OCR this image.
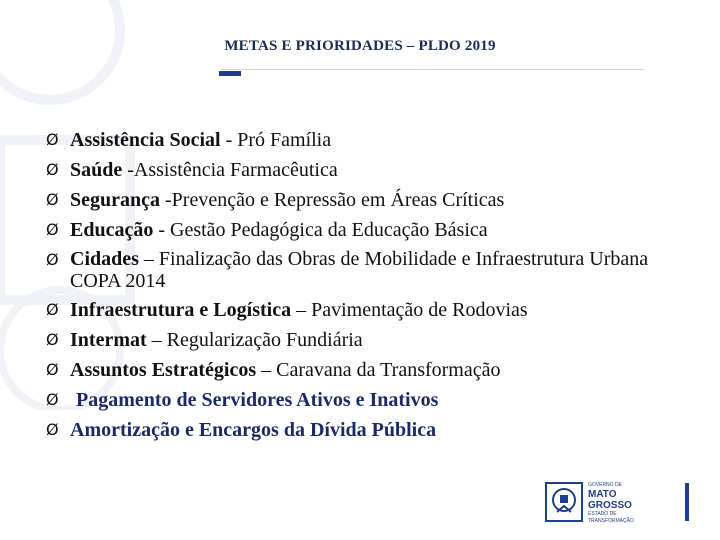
METAS E PRIORIDADES – PLDO 2019
Ø Assistência Social - Pró Família
Ø Saúde -Assistência Farmacêutica
Ø Segurança -Prevenção e Repressão em Áreas Críticas
Ø Educação - Gestão Pedagógica da Educação Básica
Ø Cidades – Finalização das Obras de Mobilidade e Infraestrutura Urbana COPA 2014
Ø Infraestrutura e Logística – Pavimentação de Rodovias
Ø Intermat – Regularização Fundiária
Ø Assuntos Estratégicos – Caravana da Transformação
Ø Pagamento de Servidores Ativos e Inativos
Ø Amortização e Encargos da Dívida Pública
GOVERNO DE
MATO GROSSO
ESTADO DE TRANSFORMAÇÃO
